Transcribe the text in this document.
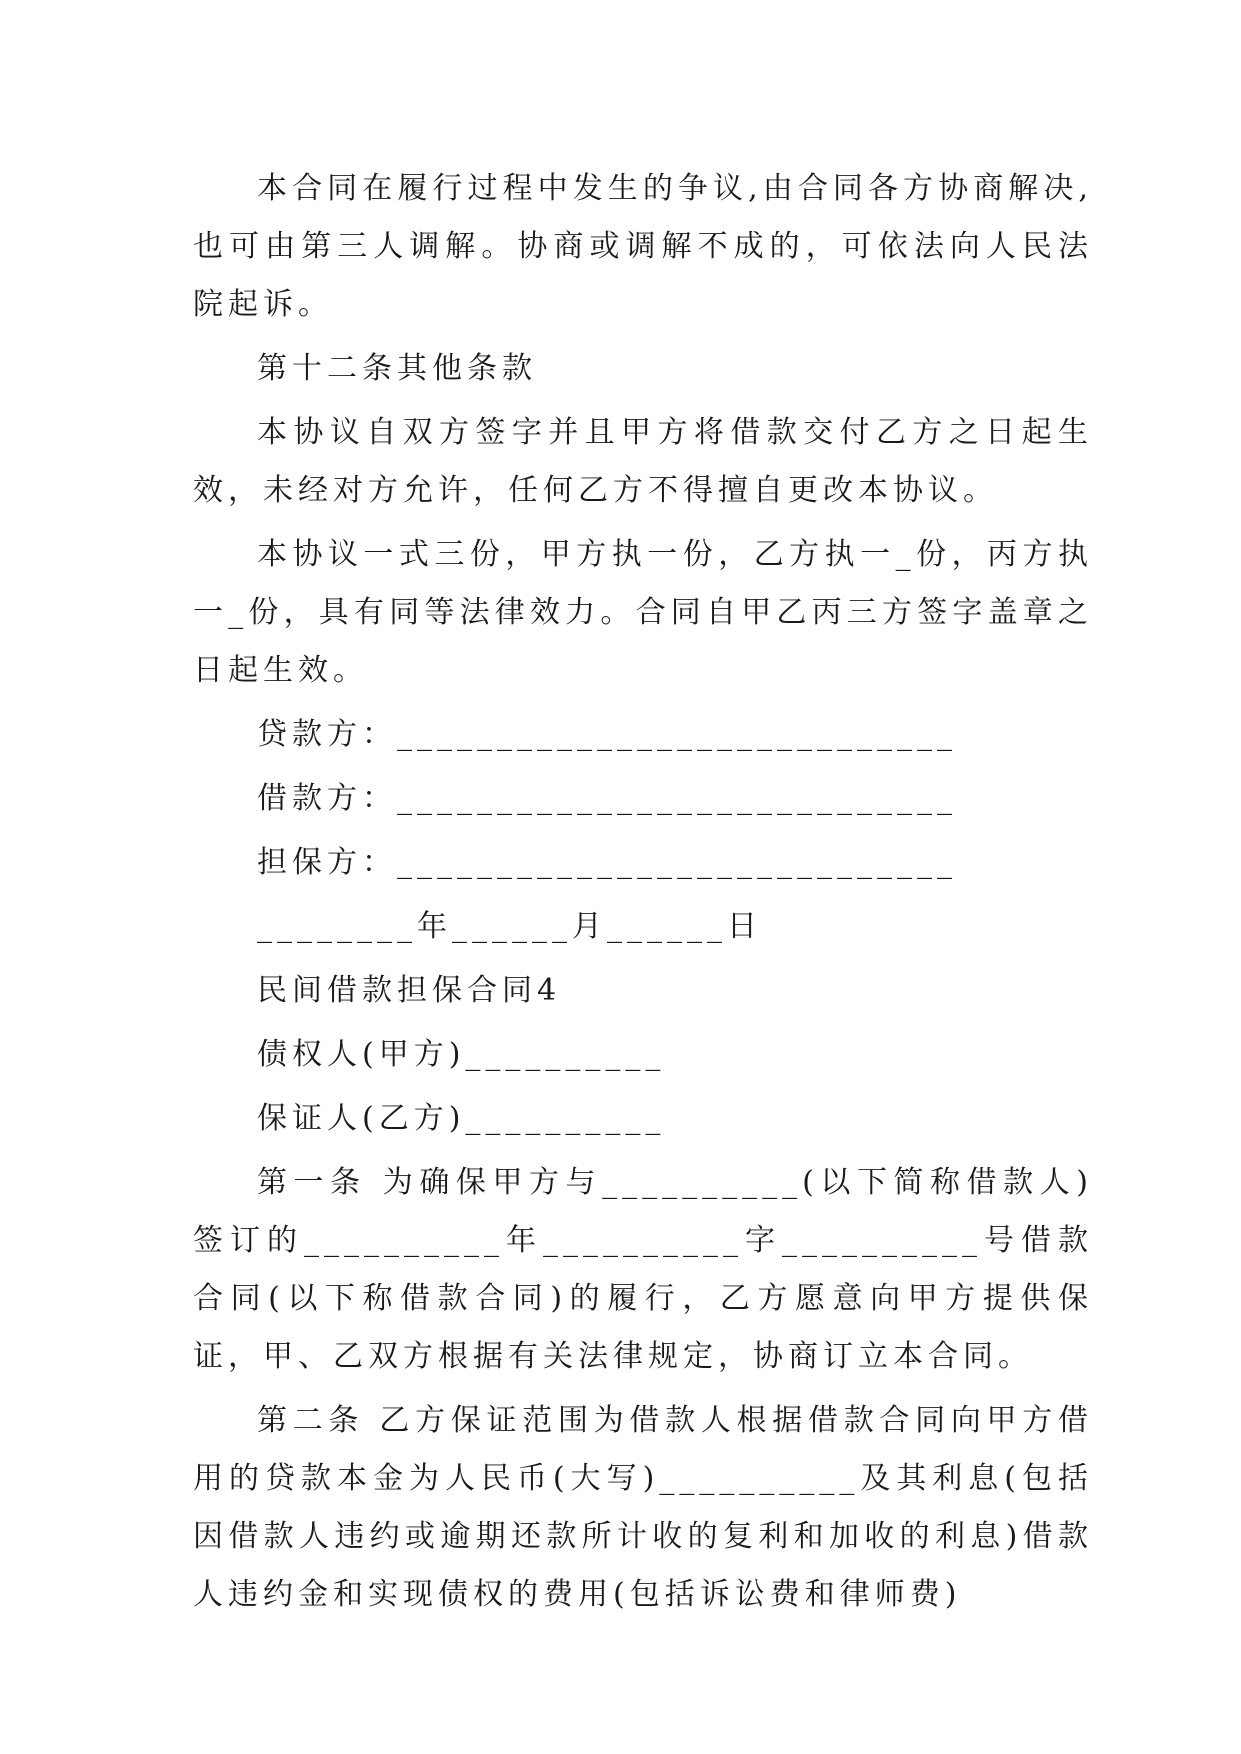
本合同在履行过程中发生的争议,由合同各方协商解决,也可由第三人调解。协商或调解不成的，可依法向人民法院起诉。

第十二条其他条款

本协议自双方签字并且甲方将借款交付乙方之日起生效，未经对方允许，任何乙方不得擅自更改本协议。

本协议一式三份，甲方执一份，乙方执一_份，丙方执一_份，具有同等法律效力。合同自甲乙丙三方签字盖章之日起生效。

贷款方：____________________________

借款方：____________________________

担保方：____________________________

________年______月______日

民间借款担保合同4

债权人(甲方)__________

保证人(乙方)__________

第一条 为确保甲方与__________(以下简称借款人)签订的__________年__________字__________号借款合同(以下称借款合同)的履行，乙方愿意向甲方提供保证，甲、乙双方根据有关法律规定，协商订立本合同。

第二条 乙方保证范围为借款人根据借款合同向甲方借用的贷款本金为人民币(大写)__________及其利息(包括因借款人违约或逾期还款所计收的复利和加收的利息)借款人违约金和实现债权的费用(包括诉讼费和律师费)
